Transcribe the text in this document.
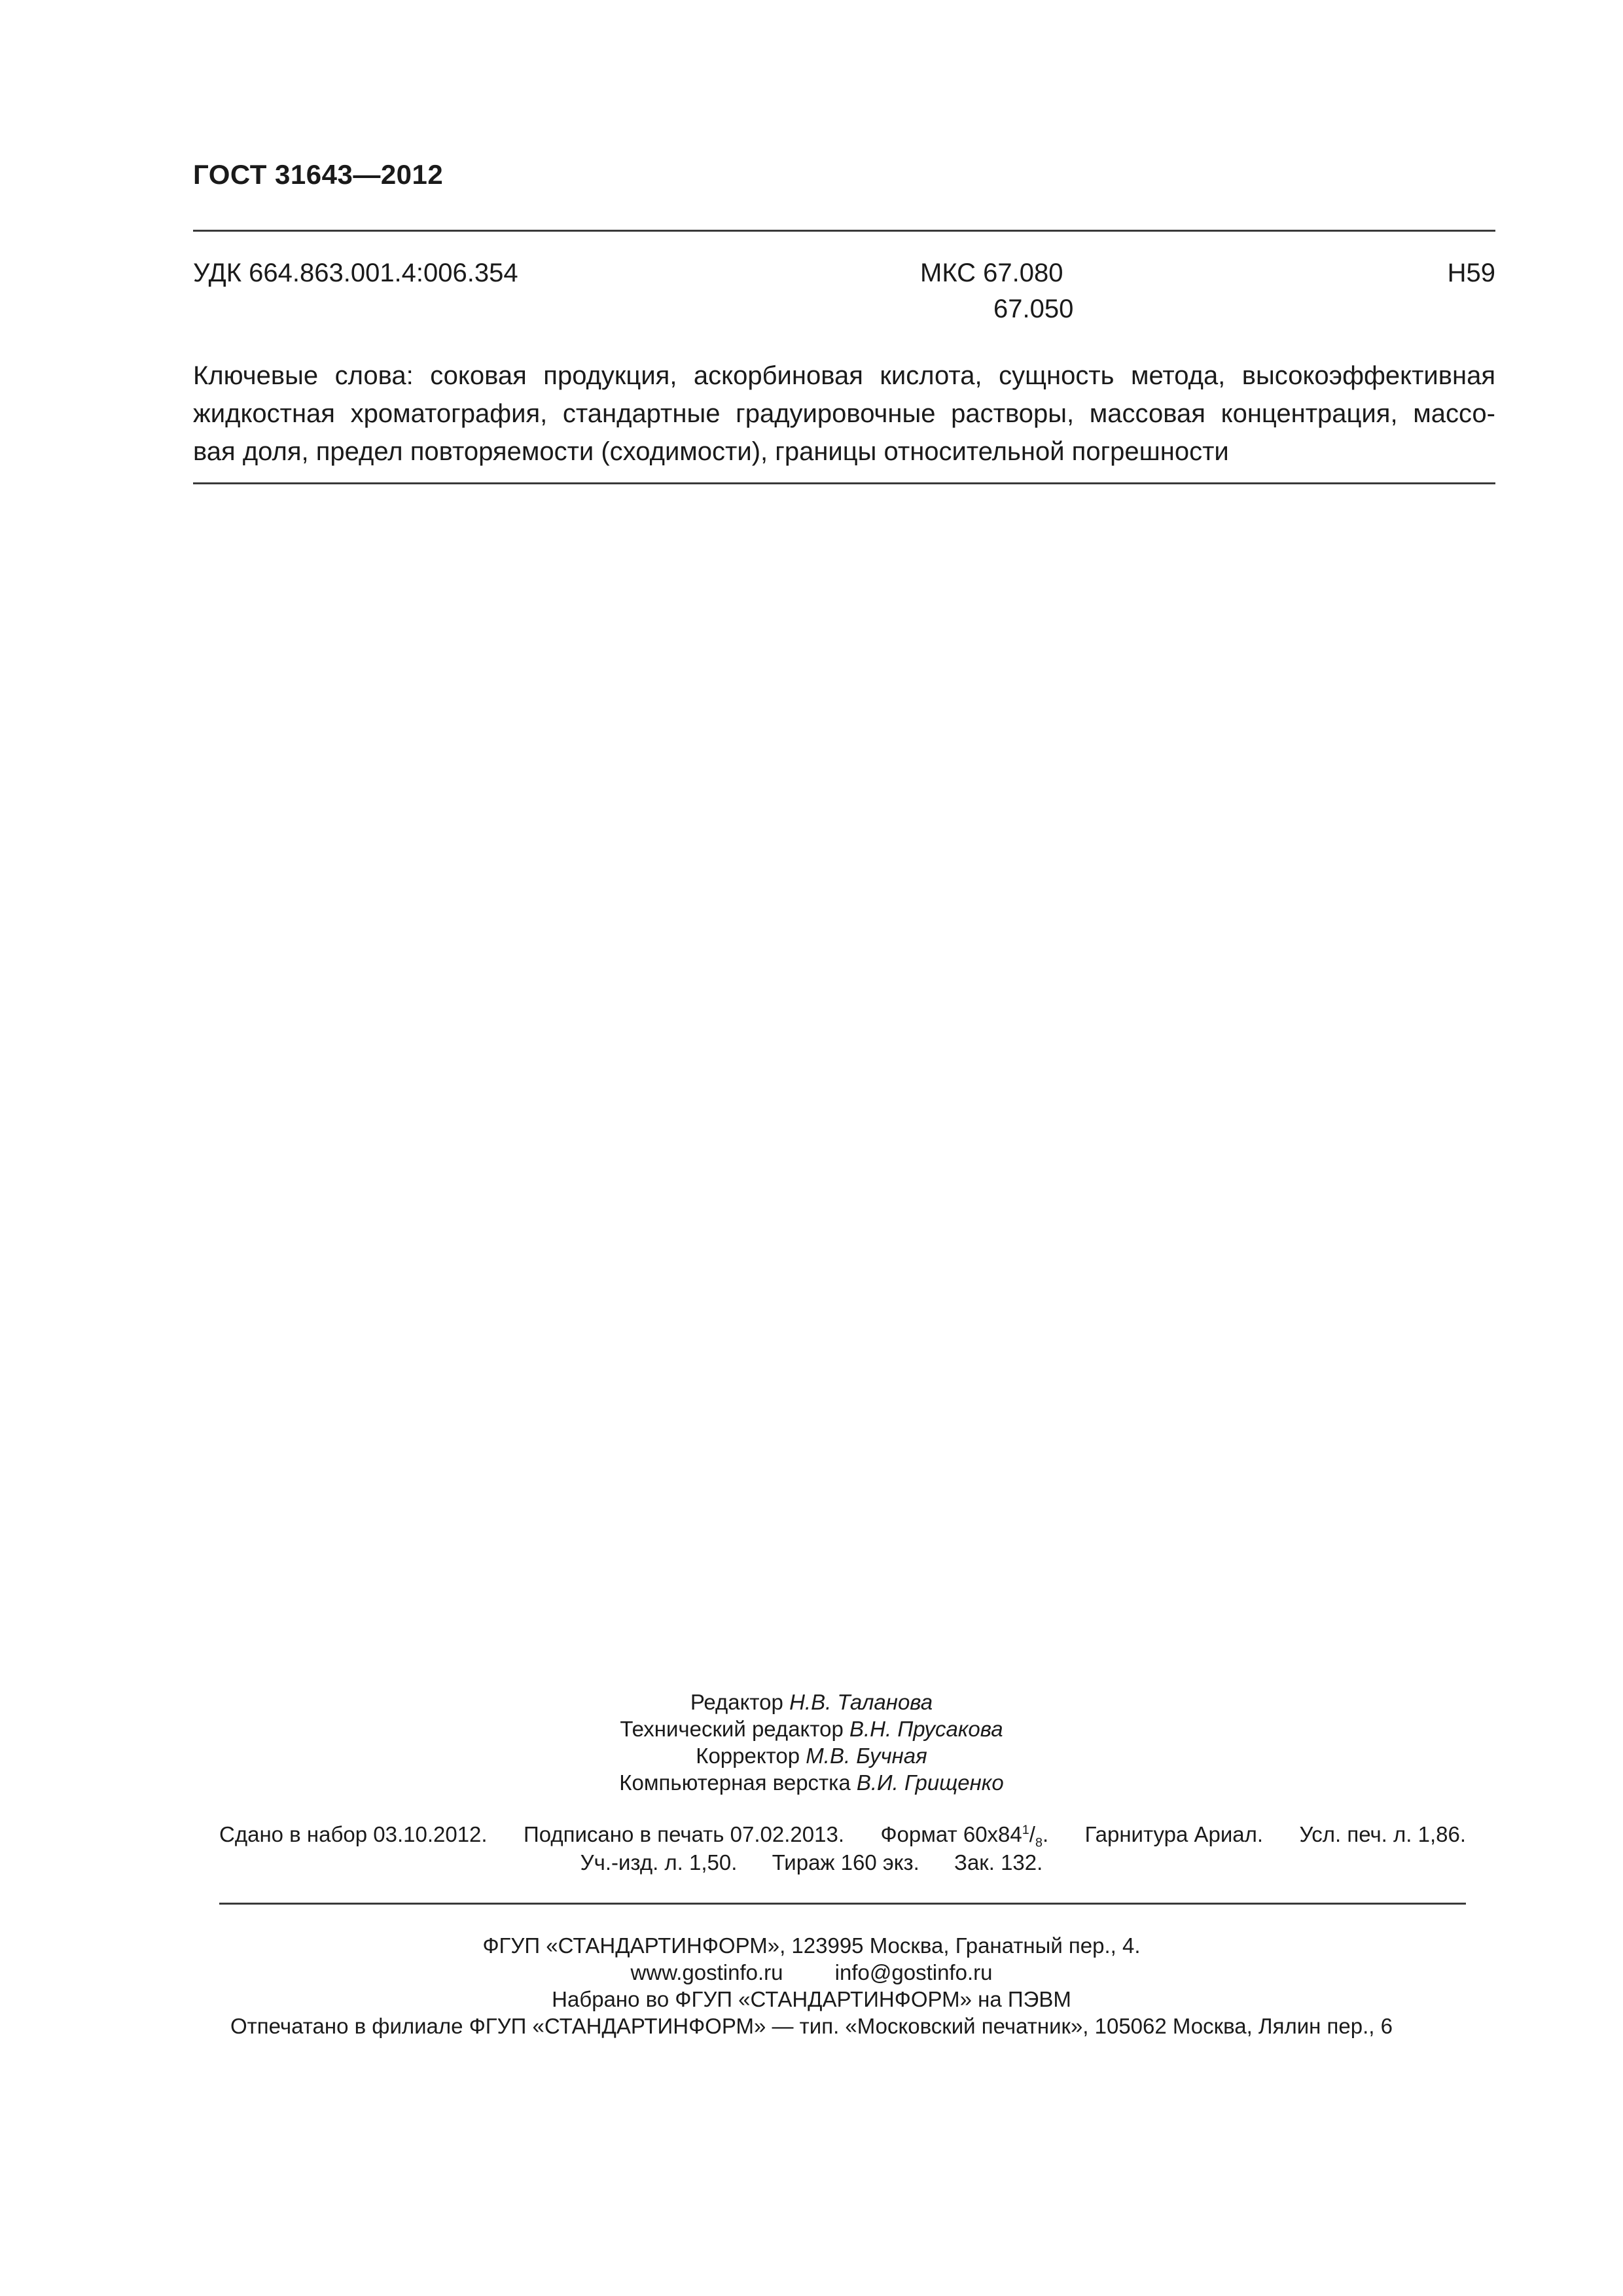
ГОСТ 31643—2012
УДК 664.863.001.4:006.354	МКС 67.080
67.050
Н59
Ключевые слова: соковая продукция, аскорбиновая кислота, сущность метода, высокоэффективная
жидкостная хроматография, стандартные градуировочные растворы, массовая концентрация, массо-
вая доля, предел повторяемости (сходимости), границы относительной погрешности
Редактор Н.В. Таланова
Технический редактор В.Н. Прусакова
Корректор М.В. Бучная
Компьютерная верстка В.И. Грищенко
Сдано в набор 03.10.2012. Подписано в печать 07.02.2013. Формат $60x84^1/_8$. Гарнитура Ариал. Усл. печ. л. 1,86.
Уч.-изд. л. 1,50. Тираж 160 экз. Зак. 132.
ФГУП «СТАНДАРТИНФОРМ», 123995 Москва, Гранатный пер., 4.
www.gostinfo.ru info@gostinfo.ru
Набрано во ФГУП «СТАНДАРТИНФОРМ» на ПЭВМ
Отпечатано в филиале ФГУП «СТАНДАРТИНФОРМ» — тип. «Московский печатник», 105062 Москва, Лялин пер., 6
